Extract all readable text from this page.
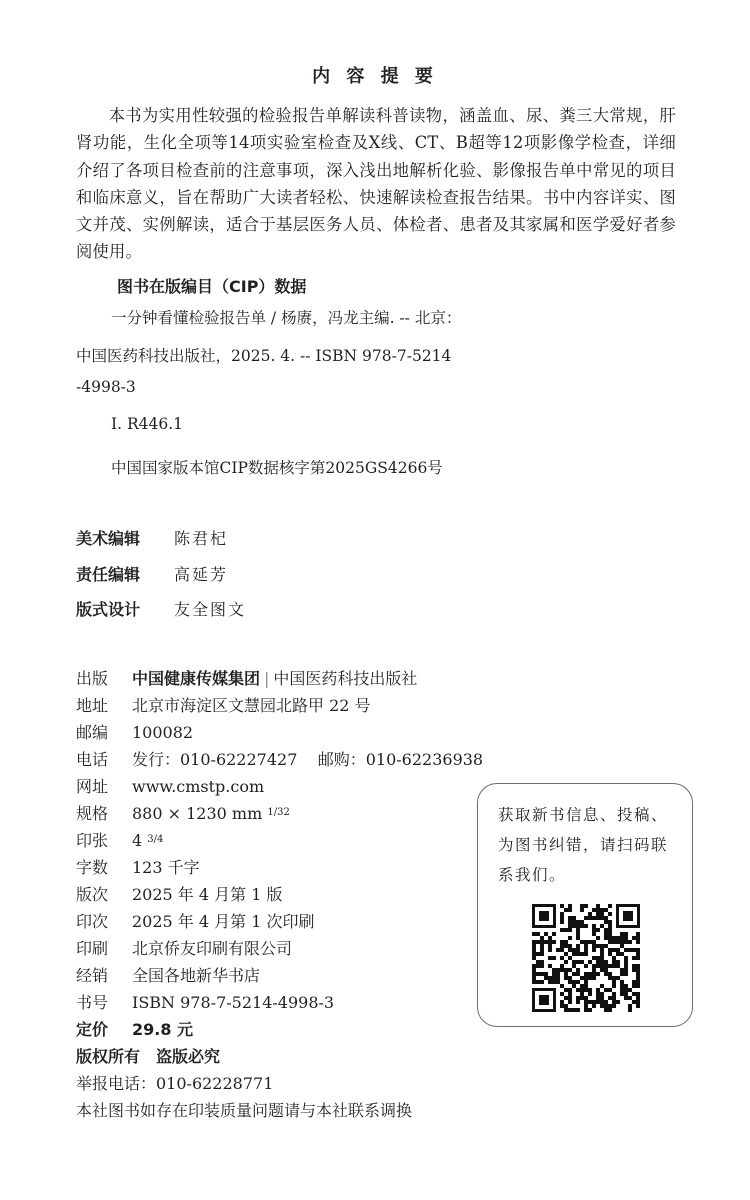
内 容 提 要
本书为实用性较强的检验报告单解读科普读物，涵盖血、尿、粪三大常规，肝肾功能，生化全项等14项实验室检查及X线、CT、B超等12项影像学检查，详细介绍了各项目检查前的注意事项，深入浅出地解析化验、影像报告单中常见的项目和临床意义，旨在帮助广大读者轻松、快速解读检查报告结果。书中内容详实、图文并茂、实例解读，适合于基层医务人员、体检者、患者及其家属和医学爱好者参阅使用。
图书在版编目（CIP）数据
一分钟看懂检验报告单 / 杨赓，冯龙主编. -- 北京：
中国医药科技出版社，2025. 4. -- ISBN 978-7-5214
-4998-3
Ⅰ. R446.1
中国国家版本馆CIP数据核字第2025GS4266号
美术编辑 陈君杞
责任编辑 高延芳
版式设计 友全图文
出版 中国健康传媒集团 | 中国医药科技出版社
地址 北京市海淀区文慧园北路甲 22 号
邮编 100082
电话 发行：010-62227427    邮购：010-62236938
网址 www.cmstp.com
规格 880 × 1230 mm $^{1/32}$
印张 4 $^{3/4}$
字数 123 千字
版次 2025 年 4 月第 1 版
印次 2025 年 4 月第 1 次印刷
印刷 北京侨友印刷有限公司
经销 全国各地新华书店
书号 ISBN 978-7-5214-4998-3
定价 29.8 元
版权所有　盗版必究
举报电话：010-62228771
本社图书如存在印装质量问题请与本社联系调换
获取新书信息、投稿、为图书纠错，请扫码联系我们。
